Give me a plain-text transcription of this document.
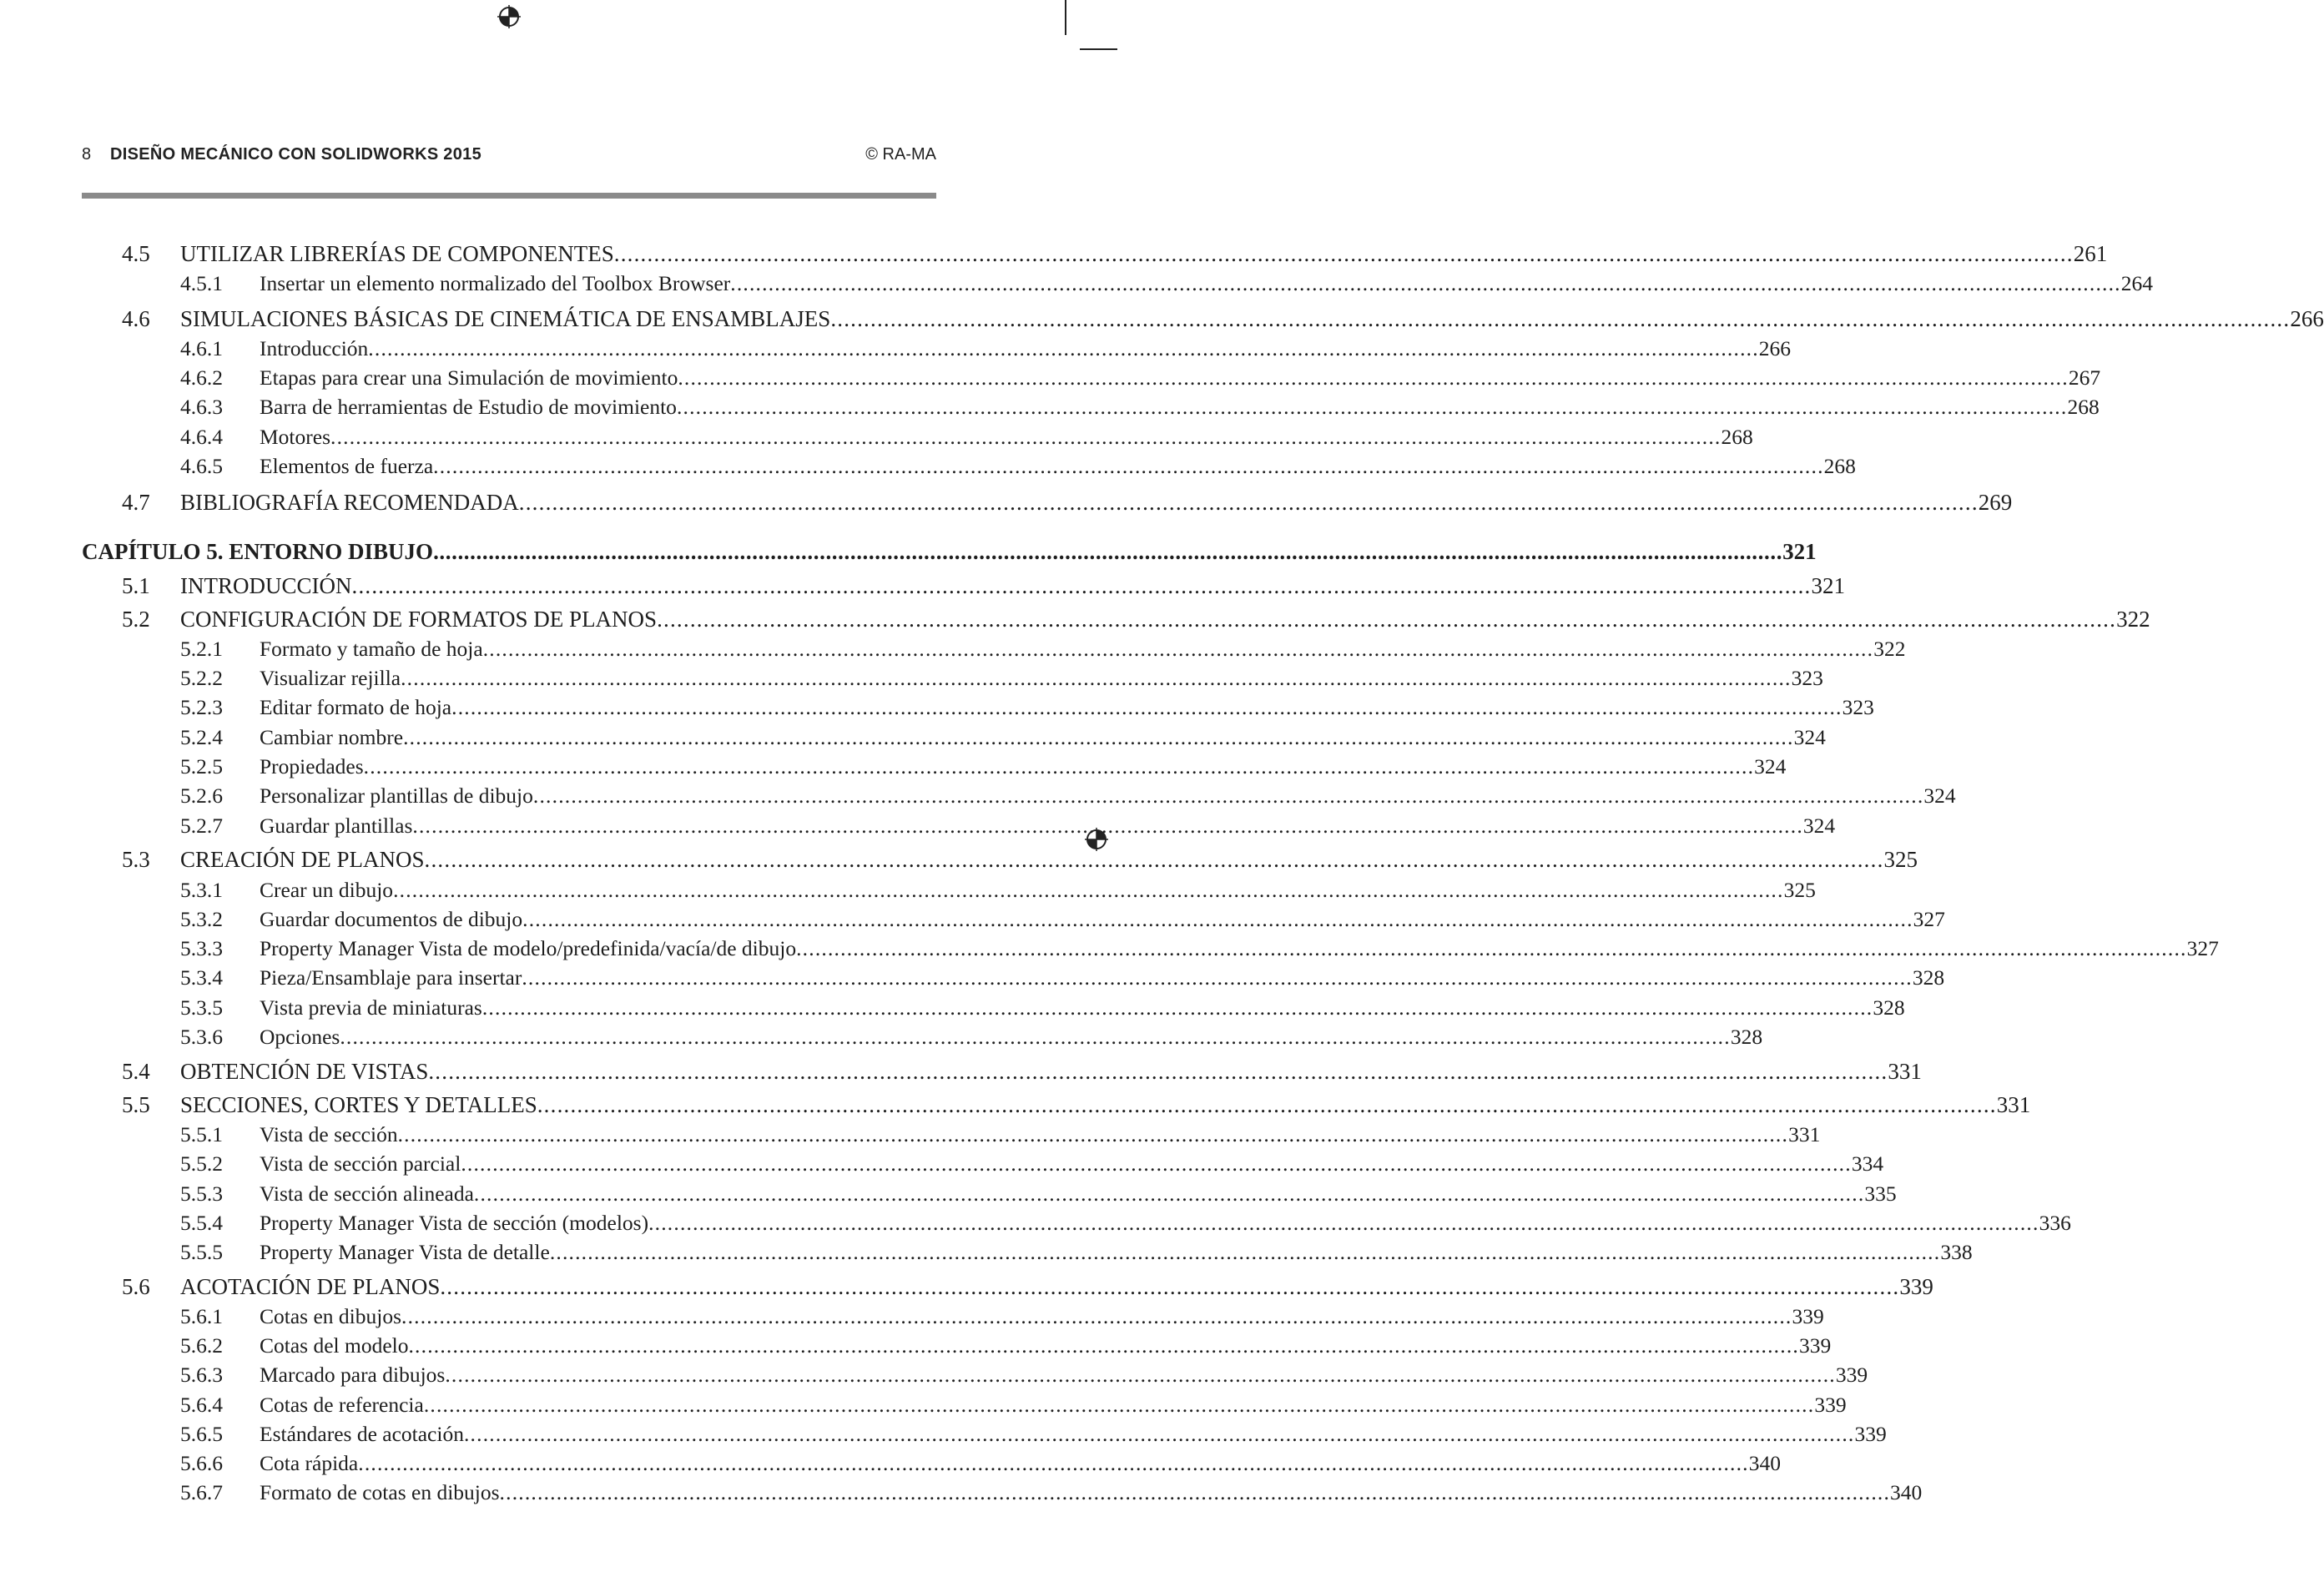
8 DISEÑO MECÁNICO CON SOLIDWORKS 2015	© RA-MA
4.5 UTILIZAR LIBRERÍAS DE COMPONENTES ............................................................................................................................................................................................................................ 261
4.5.1 Insertar un elemento normalizado del Toolbox Browser ............................................................................................................................................................................................................................ 264
4.6 SIMULACIONES BÁSICAS DE CINEMÁTICA DE ENSAMBLAJES ............................................................................................................................................................................................................................ 266
4.6.1 Introducción ............................................................................................................................................................................................................................ 266
4.6.2 Etapas para crear una Simulación de movimiento ............................................................................................................................................................................................................................ 267
4.6.3 Barra de herramientas de Estudio de movimiento ............................................................................................................................................................................................................................ 268
4.6.4 Motores ............................................................................................................................................................................................................................ 268
4.6.5 Elementos de fuerza ............................................................................................................................................................................................................................ 268
4.7 BIBLIOGRAFÍA RECOMENDADA ............................................................................................................................................................................................................................ 269
CAPÍTULO 5. ENTORNO DIBUJO ............................................................................................................................................................................................................................ 321
5.1 INTRODUCCIÓN ............................................................................................................................................................................................................................ 321
5.2 CONFIGURACIÓN DE FORMATOS DE PLANOS ............................................................................................................................................................................................................................ 322
5.2.1 Formato y tamaño de hoja ............................................................................................................................................................................................................................ 322
5.2.2 Visualizar rejilla ............................................................................................................................................................................................................................ 323
5.2.3 Editar formato de hoja ............................................................................................................................................................................................................................ 323
5.2.4 Cambiar nombre ............................................................................................................................................................................................................................ 324
5.2.5 Propiedades ............................................................................................................................................................................................................................ 324
5.2.6 Personalizar plantillas de dibujo ............................................................................................................................................................................................................................ 324
5.2.7 Guardar plantillas ............................................................................................................................................................................................................................ 324
5.3 CREACIÓN DE PLANOS ............................................................................................................................................................................................................................ 325
5.3.1 Crear un dibujo ............................................................................................................................................................................................................................ 325
5.3.2 Guardar documentos de dibujo ............................................................................................................................................................................................................................ 327
5.3.3 Property Manager Vista de modelo/predefinida/vacía/de dibujo ............................................................................................................................................................................................................................ 327
5.3.4 Pieza/Ensamblaje para insertar ............................................................................................................................................................................................................................ 328
5.3.5 Vista previa de miniaturas ............................................................................................................................................................................................................................ 328
5.3.6 Opciones ............................................................................................................................................................................................................................ 328
5.4 OBTENCIÓN DE VISTAS ............................................................................................................................................................................................................................ 331
5.5 SECCIONES, CORTES Y DETALLES ............................................................................................................................................................................................................................ 331
5.5.1 Vista de sección ............................................................................................................................................................................................................................ 331
5.5.2 Vista de sección parcial ............................................................................................................................................................................................................................ 334
5.5.3 Vista de sección alineada ............................................................................................................................................................................................................................ 335
5.5.4 Property Manager Vista de sección (modelos) ............................................................................................................................................................................................................................ 336
5.5.5 Property Manager Vista de detalle ............................................................................................................................................................................................................................ 338
5.6 ACOTACIÓN DE PLANOS ............................................................................................................................................................................................................................ 339
5.6.1 Cotas en dibujos ............................................................................................................................................................................................................................ 339
5.6.2 Cotas del modelo ............................................................................................................................................................................................................................ 339
5.6.3 Marcado para dibujos ............................................................................................................................................................................................................................ 339
5.6.4 Cotas de referencia ............................................................................................................................................................................................................................ 339
5.6.5 Estándares de acotación ............................................................................................................................................................................................................................ 339
5.6.6 Cota rápida ............................................................................................................................................................................................................................ 340
5.6.7 Formato de cotas en dibujos ............................................................................................................................................................................................................................ 340
